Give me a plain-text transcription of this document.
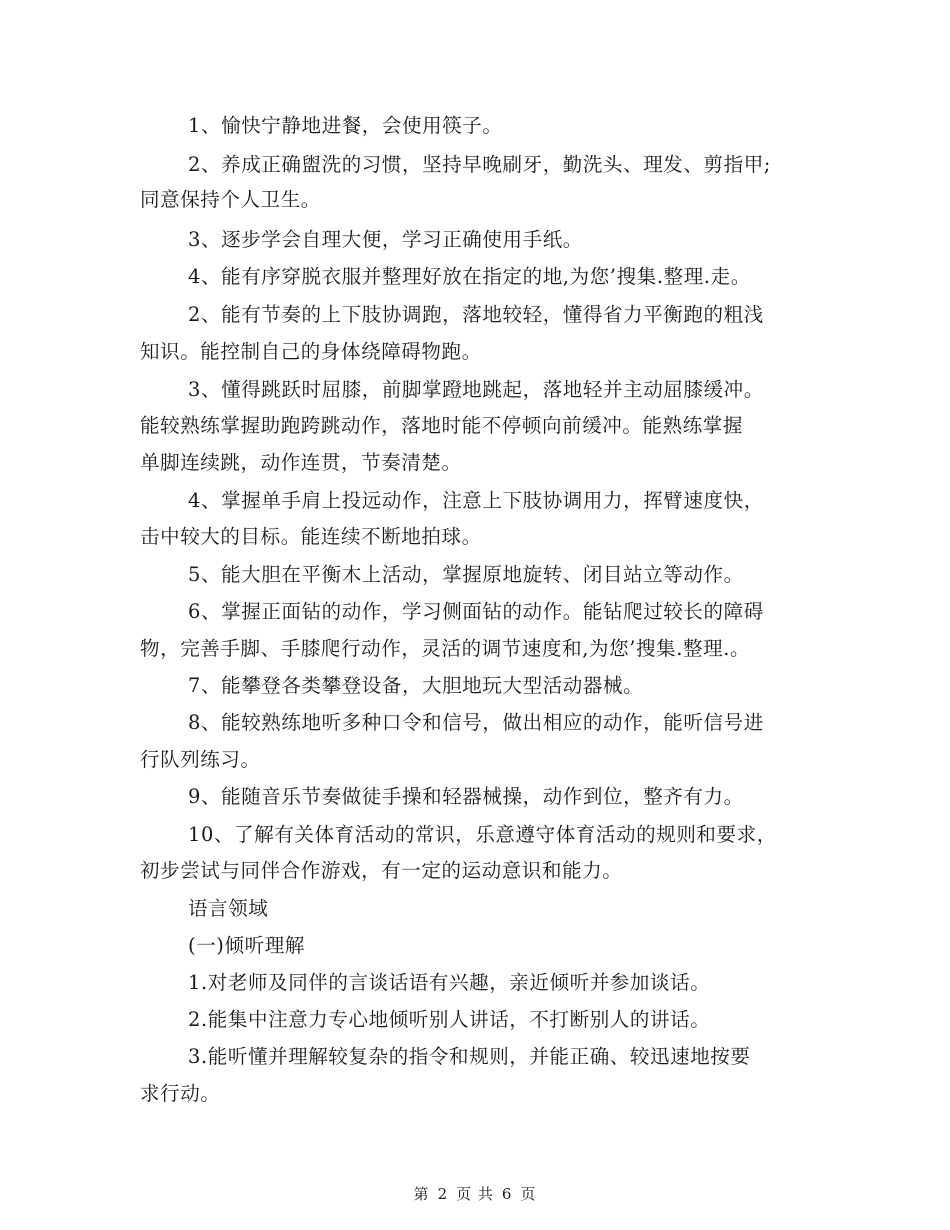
1、愉快宁静地进餐，会使用筷子。
2、养成正确盥洗的习惯，坚持早晚刷牙，勤洗头、理发、剪指甲;
同意保持个人卫生。
3、逐步学会自理大便，学习正确使用手纸。
4、能有序穿脱衣服并整理好放在指定的地,为您’搜集.整理.走。
2、能有节奏的上下肢协调跑，落地较轻，懂得省力平衡跑的粗浅
知识。能控制自己的身体绕障碍物跑。
3、懂得跳跃时屈膝，前脚掌蹬地跳起，落地轻并主动屈膝缓冲。
能较熟练掌握助跑跨跳动作，落地时能不停顿向前缓冲。能熟练掌握
单脚连续跳，动作连贯，节奏清楚。
4、掌握单手肩上投远动作，注意上下肢协调用力，挥臂速度快，
击中较大的目标。能连续不断地拍球。
5、能大胆在平衡木上活动，掌握原地旋转、闭目站立等动作。
6、掌握正面钻的动作，学习侧面钻的动作。能钻爬过较长的障碍
物，完善手脚、手膝爬行动作，灵活的调节速度和,为您’搜集.整理.。
7、能攀登各类攀登设备，大胆地玩大型活动器械。
8、能较熟练地听多种口令和信号，做出相应的动作，能听信号进
行队列练习。
9、能随音乐节奏做徒手操和轻器械操，动作到位，整齐有力。
10、了解有关体育活动的常识，乐意遵守体育活动的规则和要求，
初步尝试与同伴合作游戏，有一定的运动意识和能力。
语言领域
(一)倾听理解
1.对老师及同伴的言谈话语有兴趣，亲近倾听并参加谈话。
2.能集中注意力专心地倾听别人讲话，不打断别人的讲话。
3.能听懂并理解较复杂的指令和规则，并能正确、较迅速地按要
求行动。
第 2 页 共 6 页
